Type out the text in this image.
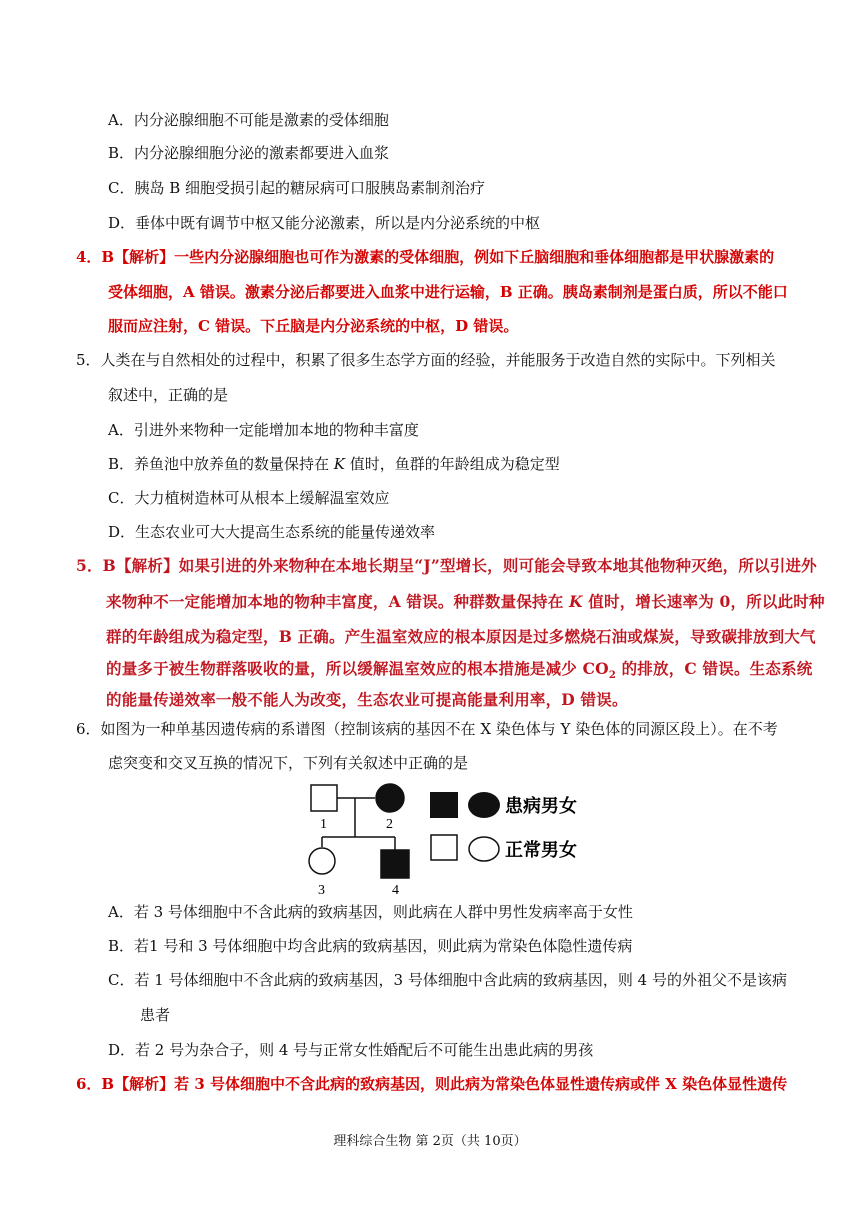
A．内分泌腺细胞不可能是激素的受体细胞
B．内分泌腺细胞分泌的激素都要进入血浆
C．胰岛 B 细胞受损引起的糖尿病可口服胰岛素制剂治疗
D．垂体中既有调节中枢又能分泌激素，所以是内分泌系统的中枢
4．B【解析】一些内分泌腺细胞也可作为激素的受体细胞，例如下丘脑细胞和垂体细胞都是甲状腺激素的
受体细胞，A 错误。激素分泌后都要进入血浆中进行运输，B 正确。胰岛素制剂是蛋白质，所以不能口
服而应注射，C 错误。下丘脑是内分泌系统的中枢，D 错误。
5．人类在与自然相处的过程中，积累了很多生态学方面的经验，并能服务于改造自然的实际中。下列相关
叙述中，正确的是
A．引进外来物种一定能增加本地的物种丰富度
B．养鱼池中放养鱼的数量保持在 K 值时，鱼群的年龄组成为稳定型
C．大力植树造林可从根本上缓解温室效应
D．生态农业可大大提高生态系统的能量传递效率
5．B【解析】如果引进的外来物种在本地长期呈“J”型增长，则可能会导致本地其他物种灭绝，所以引进外
来物种不一定能增加本地的物种丰富度，A 错误。种群数量保持在 K 值时，增长速率为 0，所以此时种
群的年龄组成为稳定型，B 正确。产生温室效应的根本原因是过多燃烧石油或煤炭，导致碳排放到大气
的量多于被生物群落吸收的量，所以缓解温室效应的根本措施是减少 $CO_2$ 的排放，C 错误。生态系统
的能量传递效率一般不能人为改变，生态农业可提高能量利用率，D 错误。
6．如图为一种单基因遗传病的系谱图（控制该病的基因不在 X 染色体与 Y 染色体的同源区段上）。在不考
虑突变和交叉互换的情况下，下列有关叙述中正确的是
1	2
3	4
患病男女
正常男女
A．若 3 号体细胞中不含此病的致病基因，则此病在人群中男性发病率高于女性
B．若1 号和 3 号体细胞中均含此病的致病基因，则此病为常染色体隐性遗传病
C．若 1 号体细胞中不含此病的致病基因，3 号体细胞中含此病的致病基因，则 4 号的外祖父不是该病
患者
D．若 2 号为杂合子，则 4 号与正常女性婚配后不可能生出患此病的男孩
6．B【解析】若 3 号体细胞中不含此病的致病基因，则此病为常染色体显性遗传病或伴 X 染色体显性遗传
理科综合生物 第 2页（共 10页）
